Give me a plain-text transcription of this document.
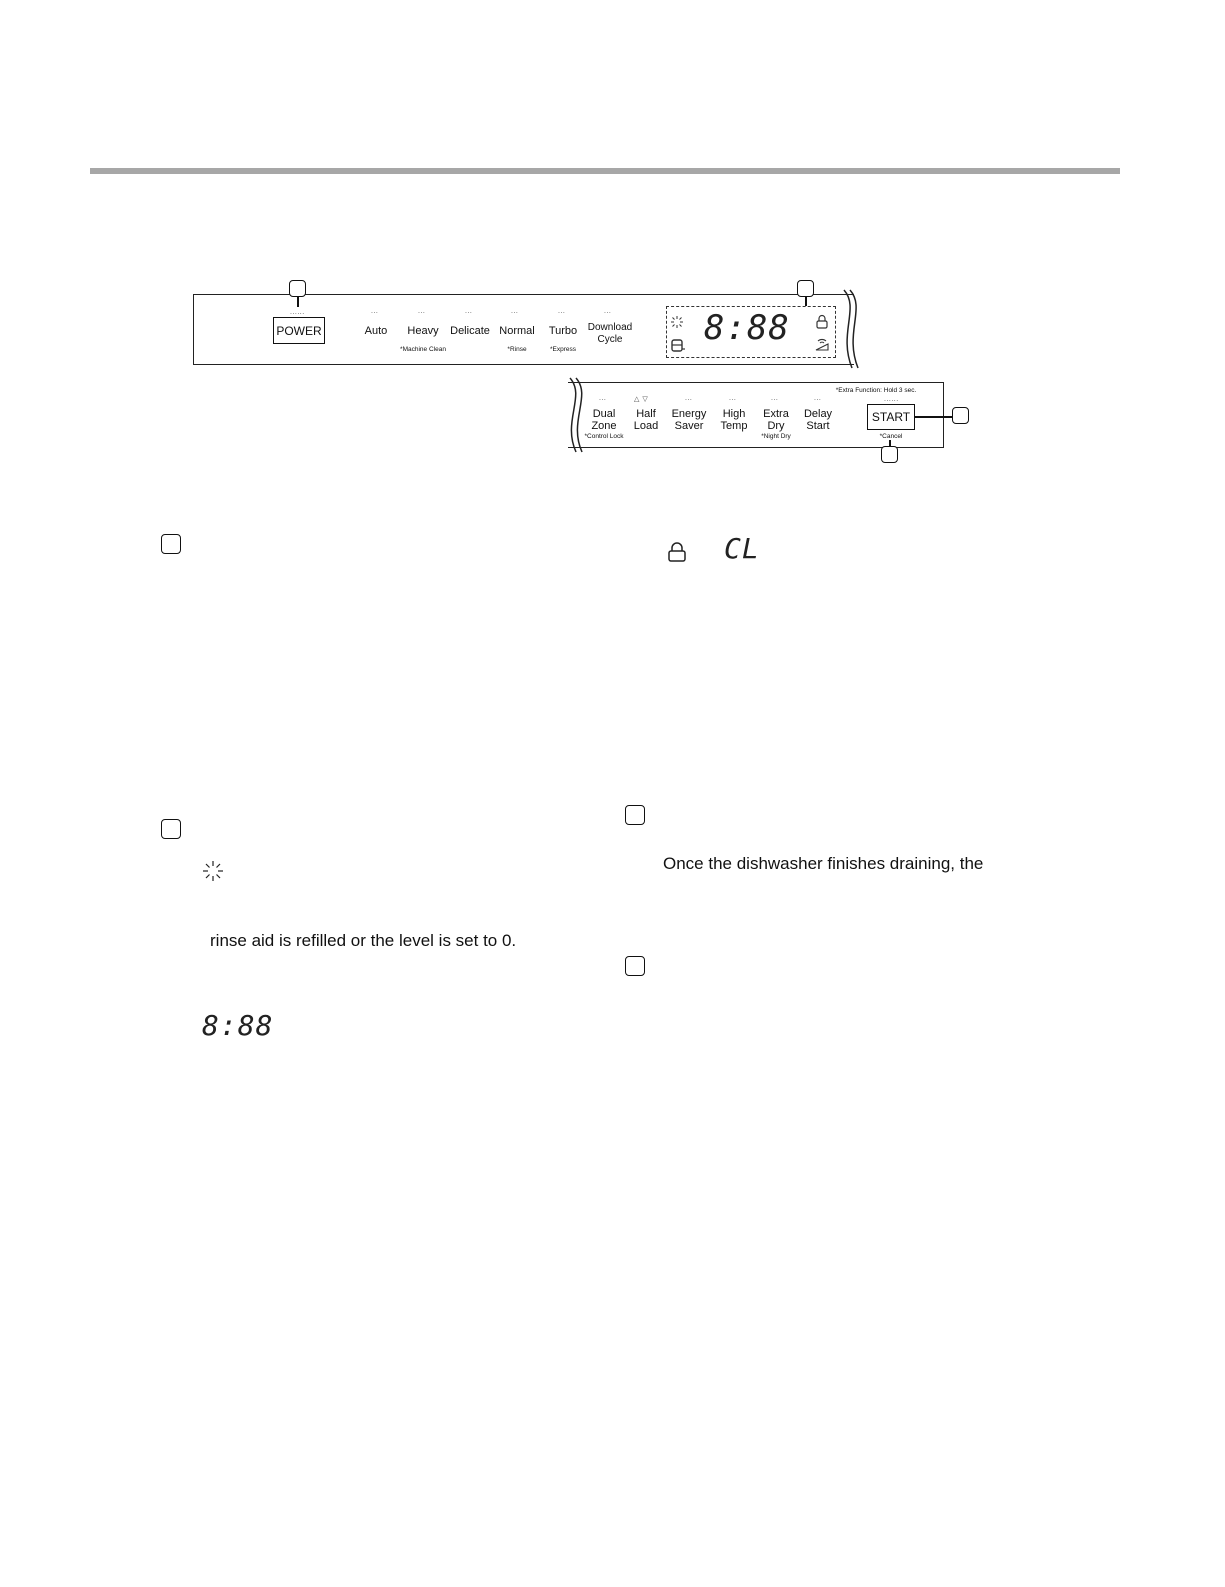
......
POWER
...
Auto
...
Heavy
*Machine Clean
...
Delicate
...
Normal
*Rinse
...
Turbo
*Express
...
Download
Cycle	8:88
*Extra Function: Hold 3 sec.
...
Dual
Zone
*Control Lock
△ ▽
Half
Load
...
Energy
Saver
...
High
Temp
...
Extra
Dry
*Night Dry
...
Delay
Start
......
START
*Cancel
CL
rinse aid is refilled or the level is set to 0.
8:88
Once the dishwasher finishes draining, the
